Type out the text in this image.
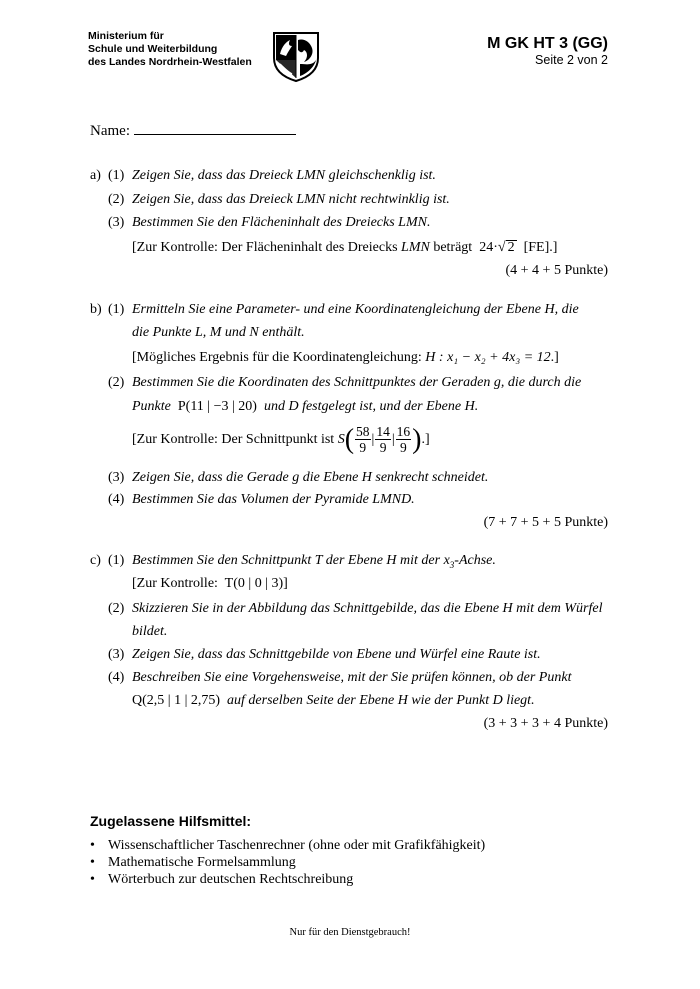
Ministerium für
Schule und Weiterbildung
des Landes Nordrhein-Westfalen
M GK HT 3 (GG)
Seite 2 von 2
Name:
a) (1) Zeigen Sie, dass das Dreieck LMN gleichschenklig ist.
(2) Zeigen Sie, dass das Dreieck LMN nicht rechtwinklig ist.
(3) Bestimmen Sie den Flächeninhalt des Dreiecks LMN.
[Zur Kontrolle: Der Flächeninhalt des Dreiecks LMN beträgt 24·√ 2 [FE].]
(4 + 4 + 5 Punkte)
b) (1) Ermitteln Sie eine Parameter- und eine Koordinatengleichung der Ebene H, die
die Punkte L, M und N enthält.
[Mögliches Ergebnis für die Koordinatengleichung: H : x₁ − x₂ + 4x₃ = 12.]
(2) Bestimmen Sie die Koordinaten des Schnittpunktes der Geraden g, die durch die
Punkte P(11 | −3 | 20) und D festgelegt ist, und der Ebene H.
[Zur Kontrolle: Der Schnittpunkt ist $S( \frac{58}{9}$ | $\frac{14}{9}$ | $\frac{16}{9}$ ).]
(3) Zeigen Sie, dass die Gerade g die Ebene H senkrecht schneidet.
(4) Bestimmen Sie das Volumen der Pyramide LMND.
(7 + 7 + 5 + 5 Punkte)
c) (1) Bestimmen Sie den Schnittpunkt T der Ebene H mit der $x_3$-Achse.
[Zur Kontrolle: T(0 | 0 | 3)]
(2) Skizzieren Sie in der Abbildung das Schnittgebilde, das die Ebene H mit dem Würfel
bildet.
(3) Zeigen Sie, dass das Schnittgebilde von Ebene und Würfel eine Raute ist.
(4) Beschreiben Sie eine Vorgehensweise, mit der Sie prüfen können, ob der Punkt
Q(2,5 | 1 | 2,75) auf derselben Seite der Ebene H wie der Punkt D liegt.
(3 + 3 + 3 + 4 Punkte)
Zugelassene Hilfsmittel:
• Wissenschaftlicher Taschenrechner (ohne oder mit Grafikfähigkeit)
• Mathematische Formelsammlung
• Wörterbuch zur deutschen Rechtschreibung
Nur für den Dienstgebrauch!
